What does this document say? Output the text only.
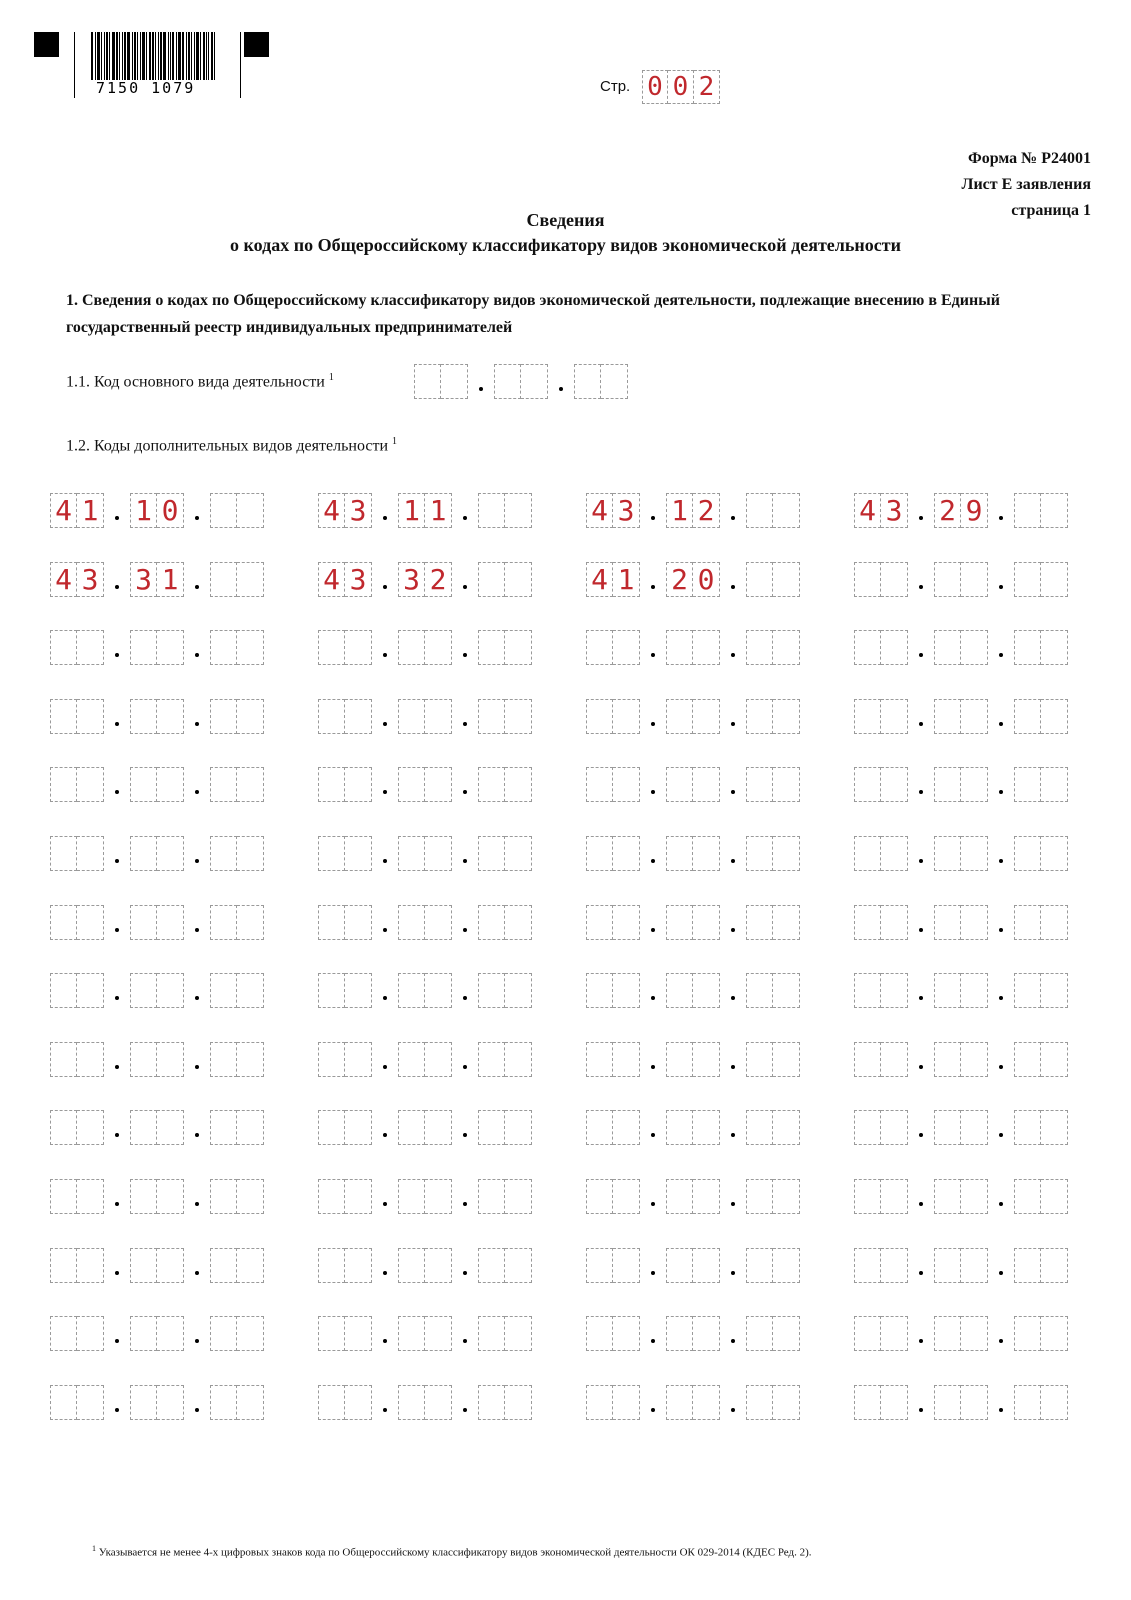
7150 1079	Стр. 0 0 2
Форма № Р24001
Лист Е заявления
страница 1
Сведения
о кодах по Общероссийскому классификатору видов экономической деятельности
1. Сведения о кодах по Общероссийскому классификатору видов экономической деятельности, подлежащие внесению в Единый государственный реестр индивидуальных предпринимателей
1.1. Код основного вида деятельности $^1$
1.2. Коды дополнительных видов деятельности $^1$
4 1 1 0	4 3 1 1	4 3 1 2	4 3 2 9
4 3 3 1	4 3 3 2	4 1 2 0
$^1$ Указывается не менее 4-х цифровых знаков кода по Общероссийскому классификатору видов экономической деятельности ОК 029-2014 (КДЕС Ред. 2).
